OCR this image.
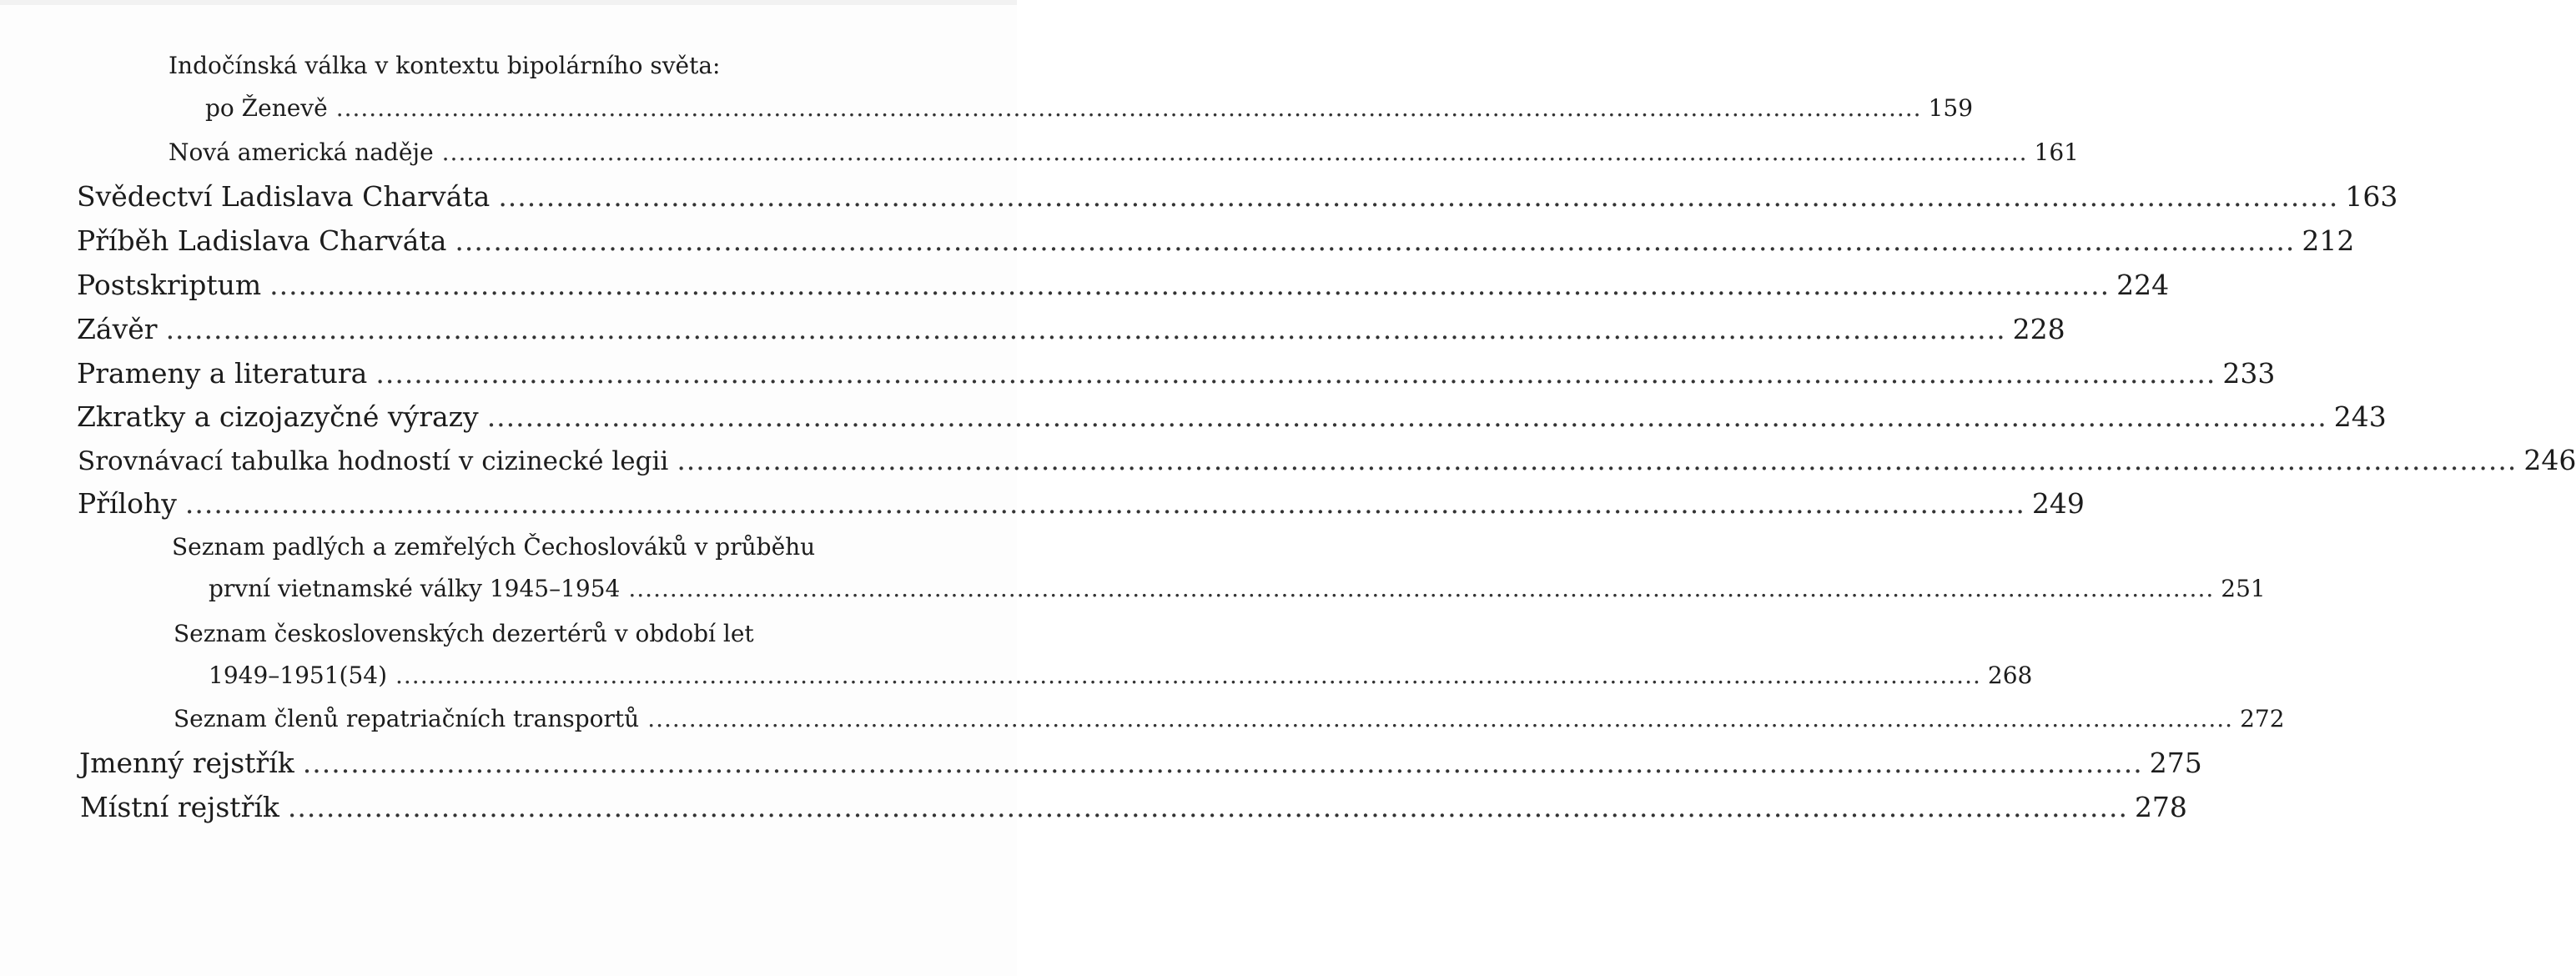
Indočínská válka v kontextu bipolárního světa:
po Ženevě ................................................................................................................................................................................................ 159
Nová americká naděje ................................................................................................................................................................................................ 161
Svědectví Ladislava Charváta ................................................................................................................................................................................................ 163
Příběh Ladislava Charváta ................................................................................................................................................................................................ 212
Postskriptum ................................................................................................................................................................................................ 224
Závěr ................................................................................................................................................................................................ 228
Prameny a literatura ................................................................................................................................................................................................ 233
Zkratky a cizojazyčné výrazy ................................................................................................................................................................................................ 243
Srovnávací tabulka hodností v cizinecké legii ................................................................................................................................................................................................ 246
Přílohy ................................................................................................................................................................................................ 249
Seznam padlých a zemřelých Čechoslováků v průběhu
první vietnamské války 1945–1954 ................................................................................................................................................................................................ 251
Seznam československých dezertérů v období let
1949–1951(54) ................................................................................................................................................................................................ 268
Seznam členů repatriačních transportů ................................................................................................................................................................................................ 272
Jmenný rejstřík ................................................................................................................................................................................................ 275
Místní rejstřík ................................................................................................................................................................................................ 278
